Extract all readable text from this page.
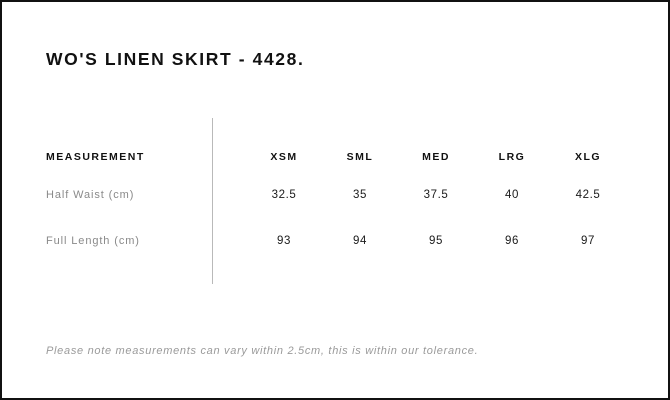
WO'S LINEN SKIRT - 4428.
MEASUREMENT	XSM	SML	MED	LRG	XLG
Half Waist (cm)	32.5	35	37.5	40	42.5
Full Length (cm)	93	94	95	96	97
Please note measurements can vary within 2.5cm, this is within our tolerance.
